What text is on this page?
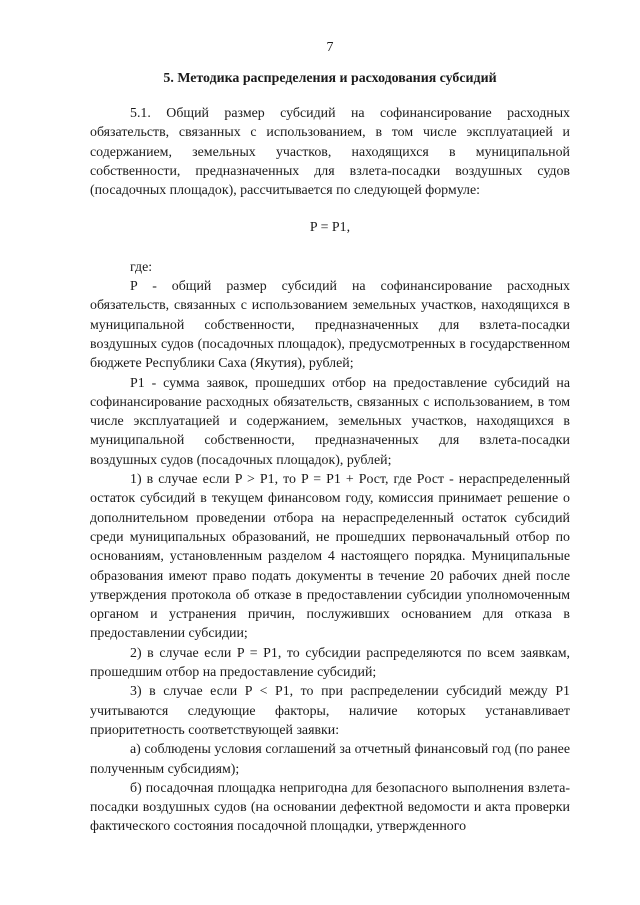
7
5. Методика распределения и расходования субсидий

5.1. Общий размер субсидий на софинансирование расходных обязательств, связанных с использованием, в том числе эксплуатацией и содержанием, земельных участков, находящихся в муниципальной собственности, предназначенных для взлета-посадки воздушных судов (посадочных площадок), рассчитывается по следующей формуле:

P = P1,

где:

P - общий размер субсидий на софинансирование расходных обязательств, связанных с использованием земельных участков, находящихся в муниципальной собственности, предназначенных для взлета-посадки воздушных судов (посадочных площадок), предусмотренных в государственном бюджете Республики Саха (Якутия), рублей;

P1 - сумма заявок, прошедших отбор на предоставление субсидий на софинансирование расходных обязательств, связанных с использованием, в том числе эксплуатацией и содержанием, земельных участков, находящихся в муниципальной собственности, предназначенных для взлета-посадки воздушных судов (посадочных площадок), рублей;

1) в случае если P > P1, то P = P1 + Pост, где Pост - нераспределенный остаток субсидий в текущем финансовом году, комиссия принимает решение о дополнительном проведении отбора на нераспределенный остаток субсидий среди муниципальных образований, не прошедших первоначальный отбор по основаниям, установленным разделом 4 настоящего порядка. Муниципальные образования имеют право подать документы в течение 20 рабочих дней после утверждения протокола об отказе в предоставлении субсидии уполномоченным органом и устранения причин, послуживших основанием для отказа в предоставлении субсидии;

2) в случае если P = P1, то субсидии распределяются по всем заявкам, прошедшим отбор на предоставление субсидий;

3) в случае если P < P1, то при распределении субсидий между P1 учитываются следующие факторы, наличие которых устанавливает приоритетность соответствующей заявки:

а) соблюдены условия соглашений за отчетный финансовый год (по ранее полученным субсидиям);

б) посадочная площадка непригодна для безопасного выполнения взлета-посадки воздушных судов (на основании дефектной ведомости и акта проверки фактического состояния посадочной площадки, утвержденного
